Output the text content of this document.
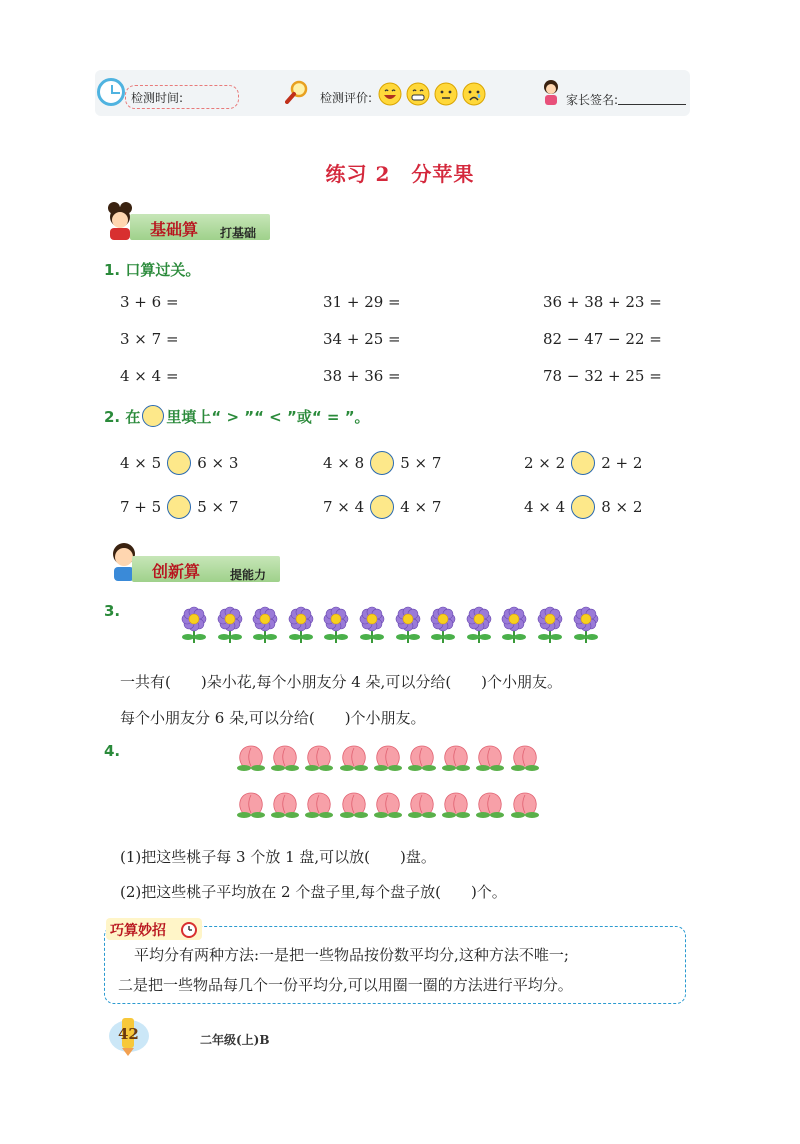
检测时间:	检测评价:	家长签名:
练习 2　分苹果
基础算 打基础
1. 口算过关。
3 + 6 =	31 + 29 =	36 + 38 + 23 =
3 × 7 =	34 + 25 =	82 − 47 − 22 =
4 × 4 =	38 + 36 =	78 − 32 + 25 =
2. 在 里填上“ > ”“ < ”或“ = ”。
4 × 5 6 × 3	4 × 8 5 × 7	2 × 2 2 + 2
7 + 5 5 × 7	7 × 4 4 × 7	4 × 4 8 × 2
创新算 提能力
3.
一共有(　　)朵小花,每个小朋友分 4 朵,可以分给(　　)个小朋友。
每个小朋友分 6 朵,可以分给(　　)个小朋友。
4.
(1)把这些桃子每 3 个放 1 盘,可以放(　　)盘。
(2)把这些桃子平均放在 2 个盘子里,每个盘子放(　　)个。
巧算妙招
平均分有两种方法:一是把一些物品按份数平均分,这种方法不唯一;
二是把一些物品每几个一份平均分,可以用圈一圈的方法进行平均分。
42	二年级(上)B
